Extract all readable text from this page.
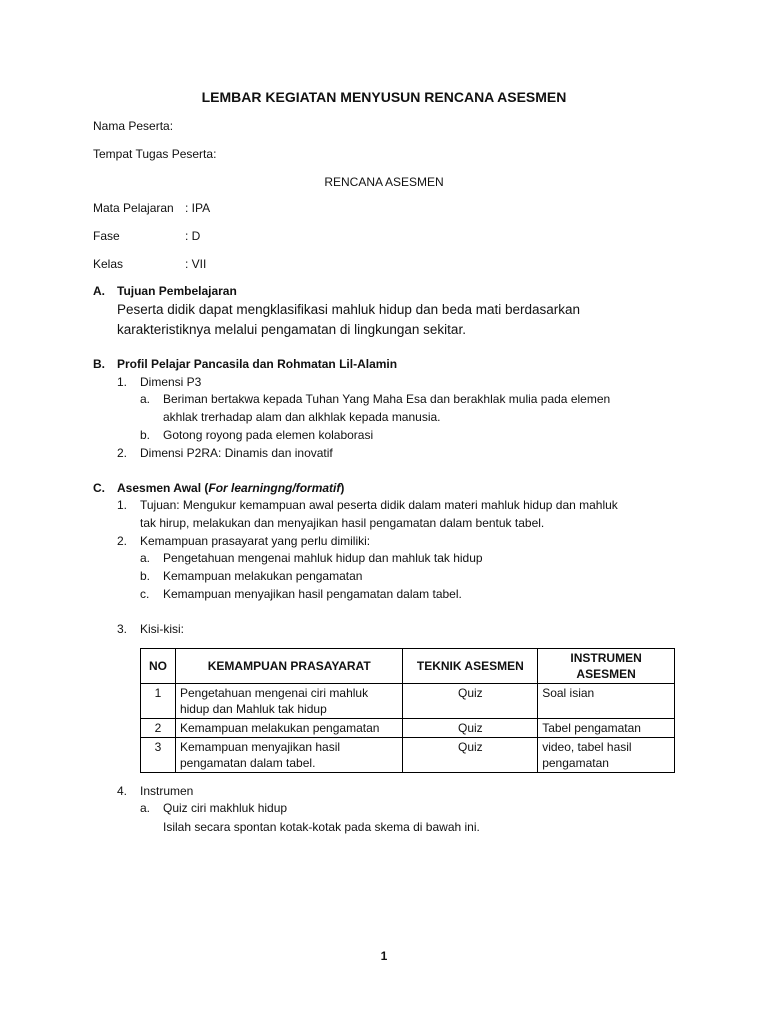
LEMBAR KEGIATAN MENYUSUN RENCANA ASESMEN
Nama Peserta:
Tempat Tugas Peserta:
RENCANA ASESMEN
Mata Pelajaran : IPA
Fase	: D
Kelas	: VII
A. Tujuan Pembelajaran
Peserta didik dapat mengklasifikasi mahluk hidup dan beda mati berdasarkan
karakteristiknya melalui pengamatan di lingkungan sekitar.
B. Profil Pelajar Pancasila dan Rohmatan Lil-Alamin
1. Dimensi P3
a. Beriman bertakwa kepada Tuhan Yang Maha Esa dan berakhlak mulia pada elemen
akhlak trerhadap alam dan alkhlak kepada manusia.
b. Gotong royong pada elemen kolaborasi
2. Dimensi P2RA: Dinamis dan inovatif
C. Asesmen Awal (For learningng/formatif)
1. Tujuan: Mengukur kemampuan awal peserta didik dalam materi mahluk hidup dan mahluk
tak hirup, melakukan dan menyajikan hasil pengamatan dalam bentuk tabel.
2. Kemampuan prasayarat yang perlu dimiliki:
a. Pengetahuan mengenai mahluk hidup dan mahluk tak hidup
b. Kemampuan melakukan pengamatan
c. Kemampuan menyajikan hasil pengamatan dalam tabel.
3. Kisi-kisi:
NO	KEMAMPUAN PRASAYARAT	TEKNIK ASESMEN	INSTRUMEN
ASESMEN
1	Pengetahuan mengenai ciri mahluk
hidup dan Mahluk tak hidup	Quiz	Soal isian
2	Kemampuan melakukan pengamatan	Quiz	Tabel pengamatan
3	Kemampuan menyajikan hasil
pengamatan dalam tabel.	Quiz	video, tabel hasil
pengamatan
4. Instrumen
a. Quiz ciri makhluk hidup
Isilah secara spontan kotak-kotak pada skema di bawah ini.
1
